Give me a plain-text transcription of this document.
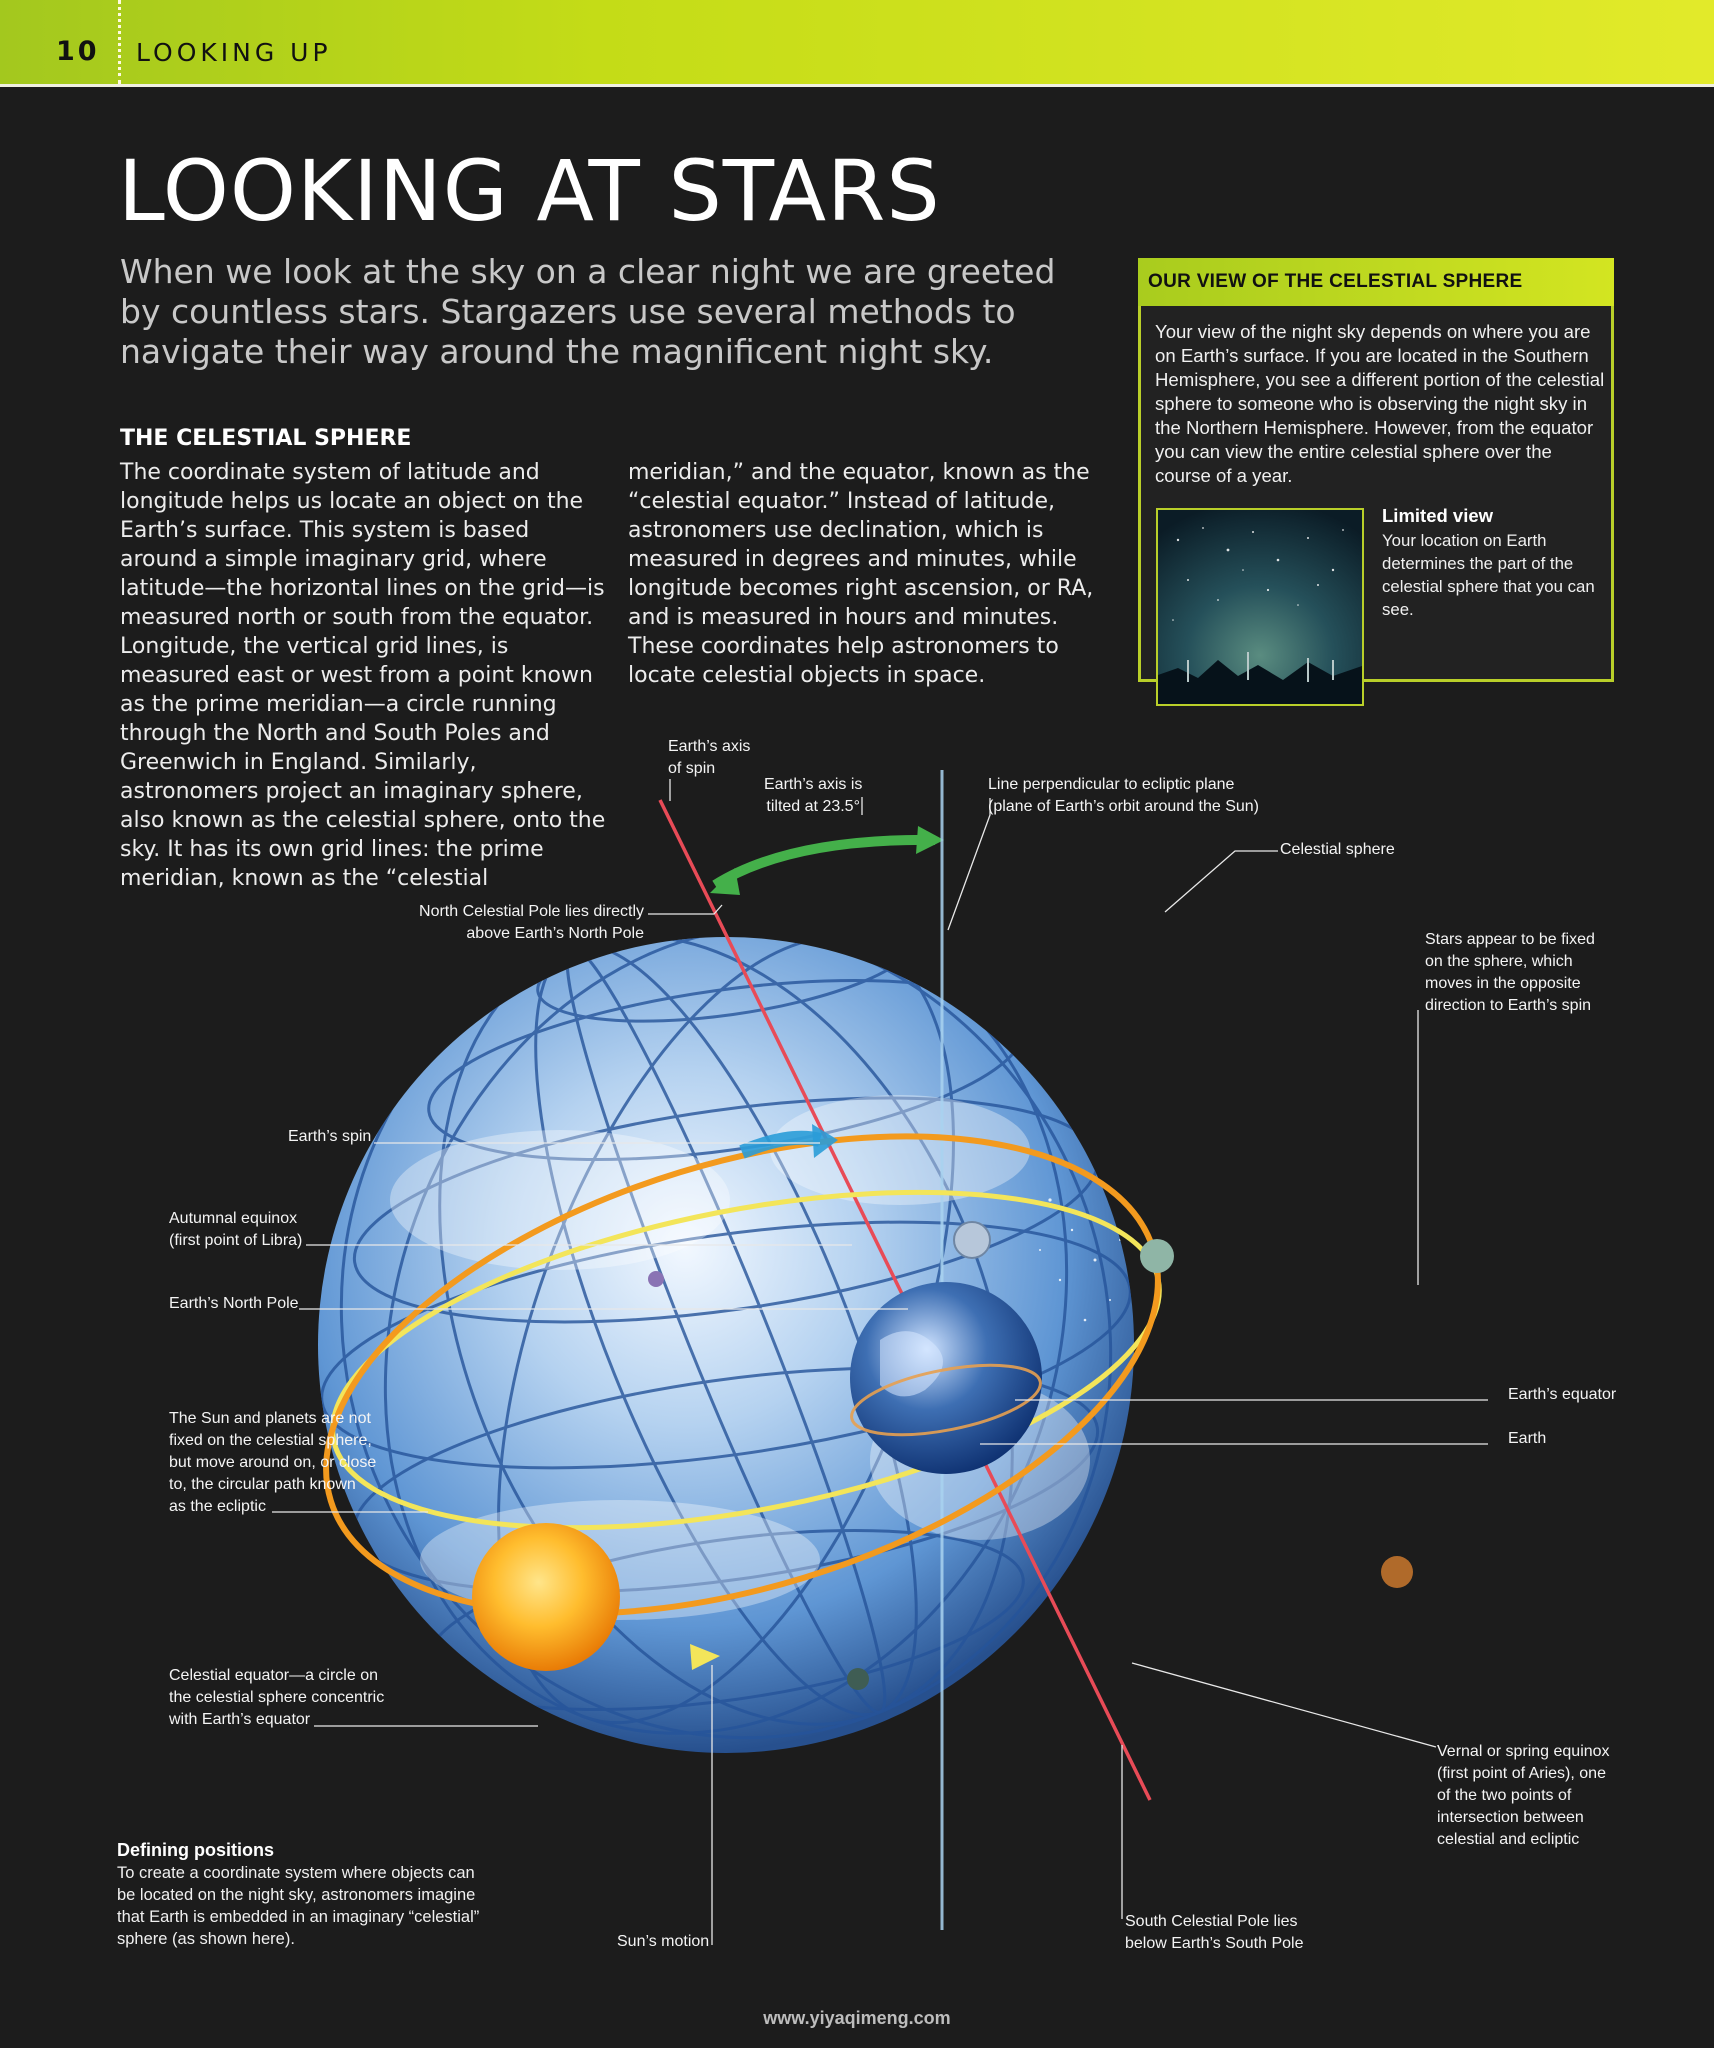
10 LOOKING UP
LOOKING AT STARS

When we look at the sky on a clear night we are greeted by countless stars. Stargazers use several methods to navigate their way around the magnificent night sky.

THE CELESTIAL SPHERE

The coordinate system of latitude and longitude helps us locate an object on the Earth’s surface. This system is based around a simple imaginary grid, where latitude—the horizontal lines on the grid—is measured north or south from the equator. Longitude, the vertical grid lines, is measured east or west from a point known as the prime meridian—a circle running through the North and South Poles and Greenwich in England. Similarly, astronomers project an imaginary sphere, also known as the celestial sphere, onto the sky. It has its own grid lines: the prime meridian, known as the “celestial

meridian,” and the equator, known as the “celestial equator.” Instead of latitude, astronomers use declination, which is measured in degrees and minutes, while longitude becomes right ascension, or RA, and is measured in hours and minutes. These coordinates help astronomers to locate celestial objects in space.

OUR VIEW OF THE CELESTIAL SPHERE

Your view of the night sky depends on where you are on Earth’s surface. If you are located in the Southern Hemisphere, you see a different portion of the celestial sphere to someone who is observing the night sky in the Northern Hemisphere. However, from the equator you can view the entire celestial sphere over the course of a year.

Limited view

Your location on Earth determines the part of the celestial sphere that you can see.

Earth’s axis
of spin

Earth’s axis is
tilted at 23.5°

Line perpendicular to ecliptic plane
(plane of Earth’s orbit around the Sun)

Celestial sphere

North Celestial Pole lies directly
above Earth’s North Pole	Stars appear to be fixed
on the sphere, which
moves in the opposite
direction to Earth’s spin

Earth’s spin

Autumnal equinox
(first point of Libra)

Earth’s North Pole

Earth’s equator

Earth

The Sun and planets are not
fixed on the celestial sphere,
but move around on, or close
to, the circular path known
as the ecliptic

Celestial equator—a circle on
the celestial sphere concentric
with Earth’s equator

Vernal or spring equinox
(first point of Aries), one
of the two points of
intersection between
celestial and ecliptic

South Celestial Pole lies
below Earth’s South Pole

Sun’s motion

Defining positions

To create a coordinate system where objects can be located on the night sky, astronomers imagine that Earth is embedded in an imaginary “celestial” sphere (as shown here).

www.yiyaqimeng.com
